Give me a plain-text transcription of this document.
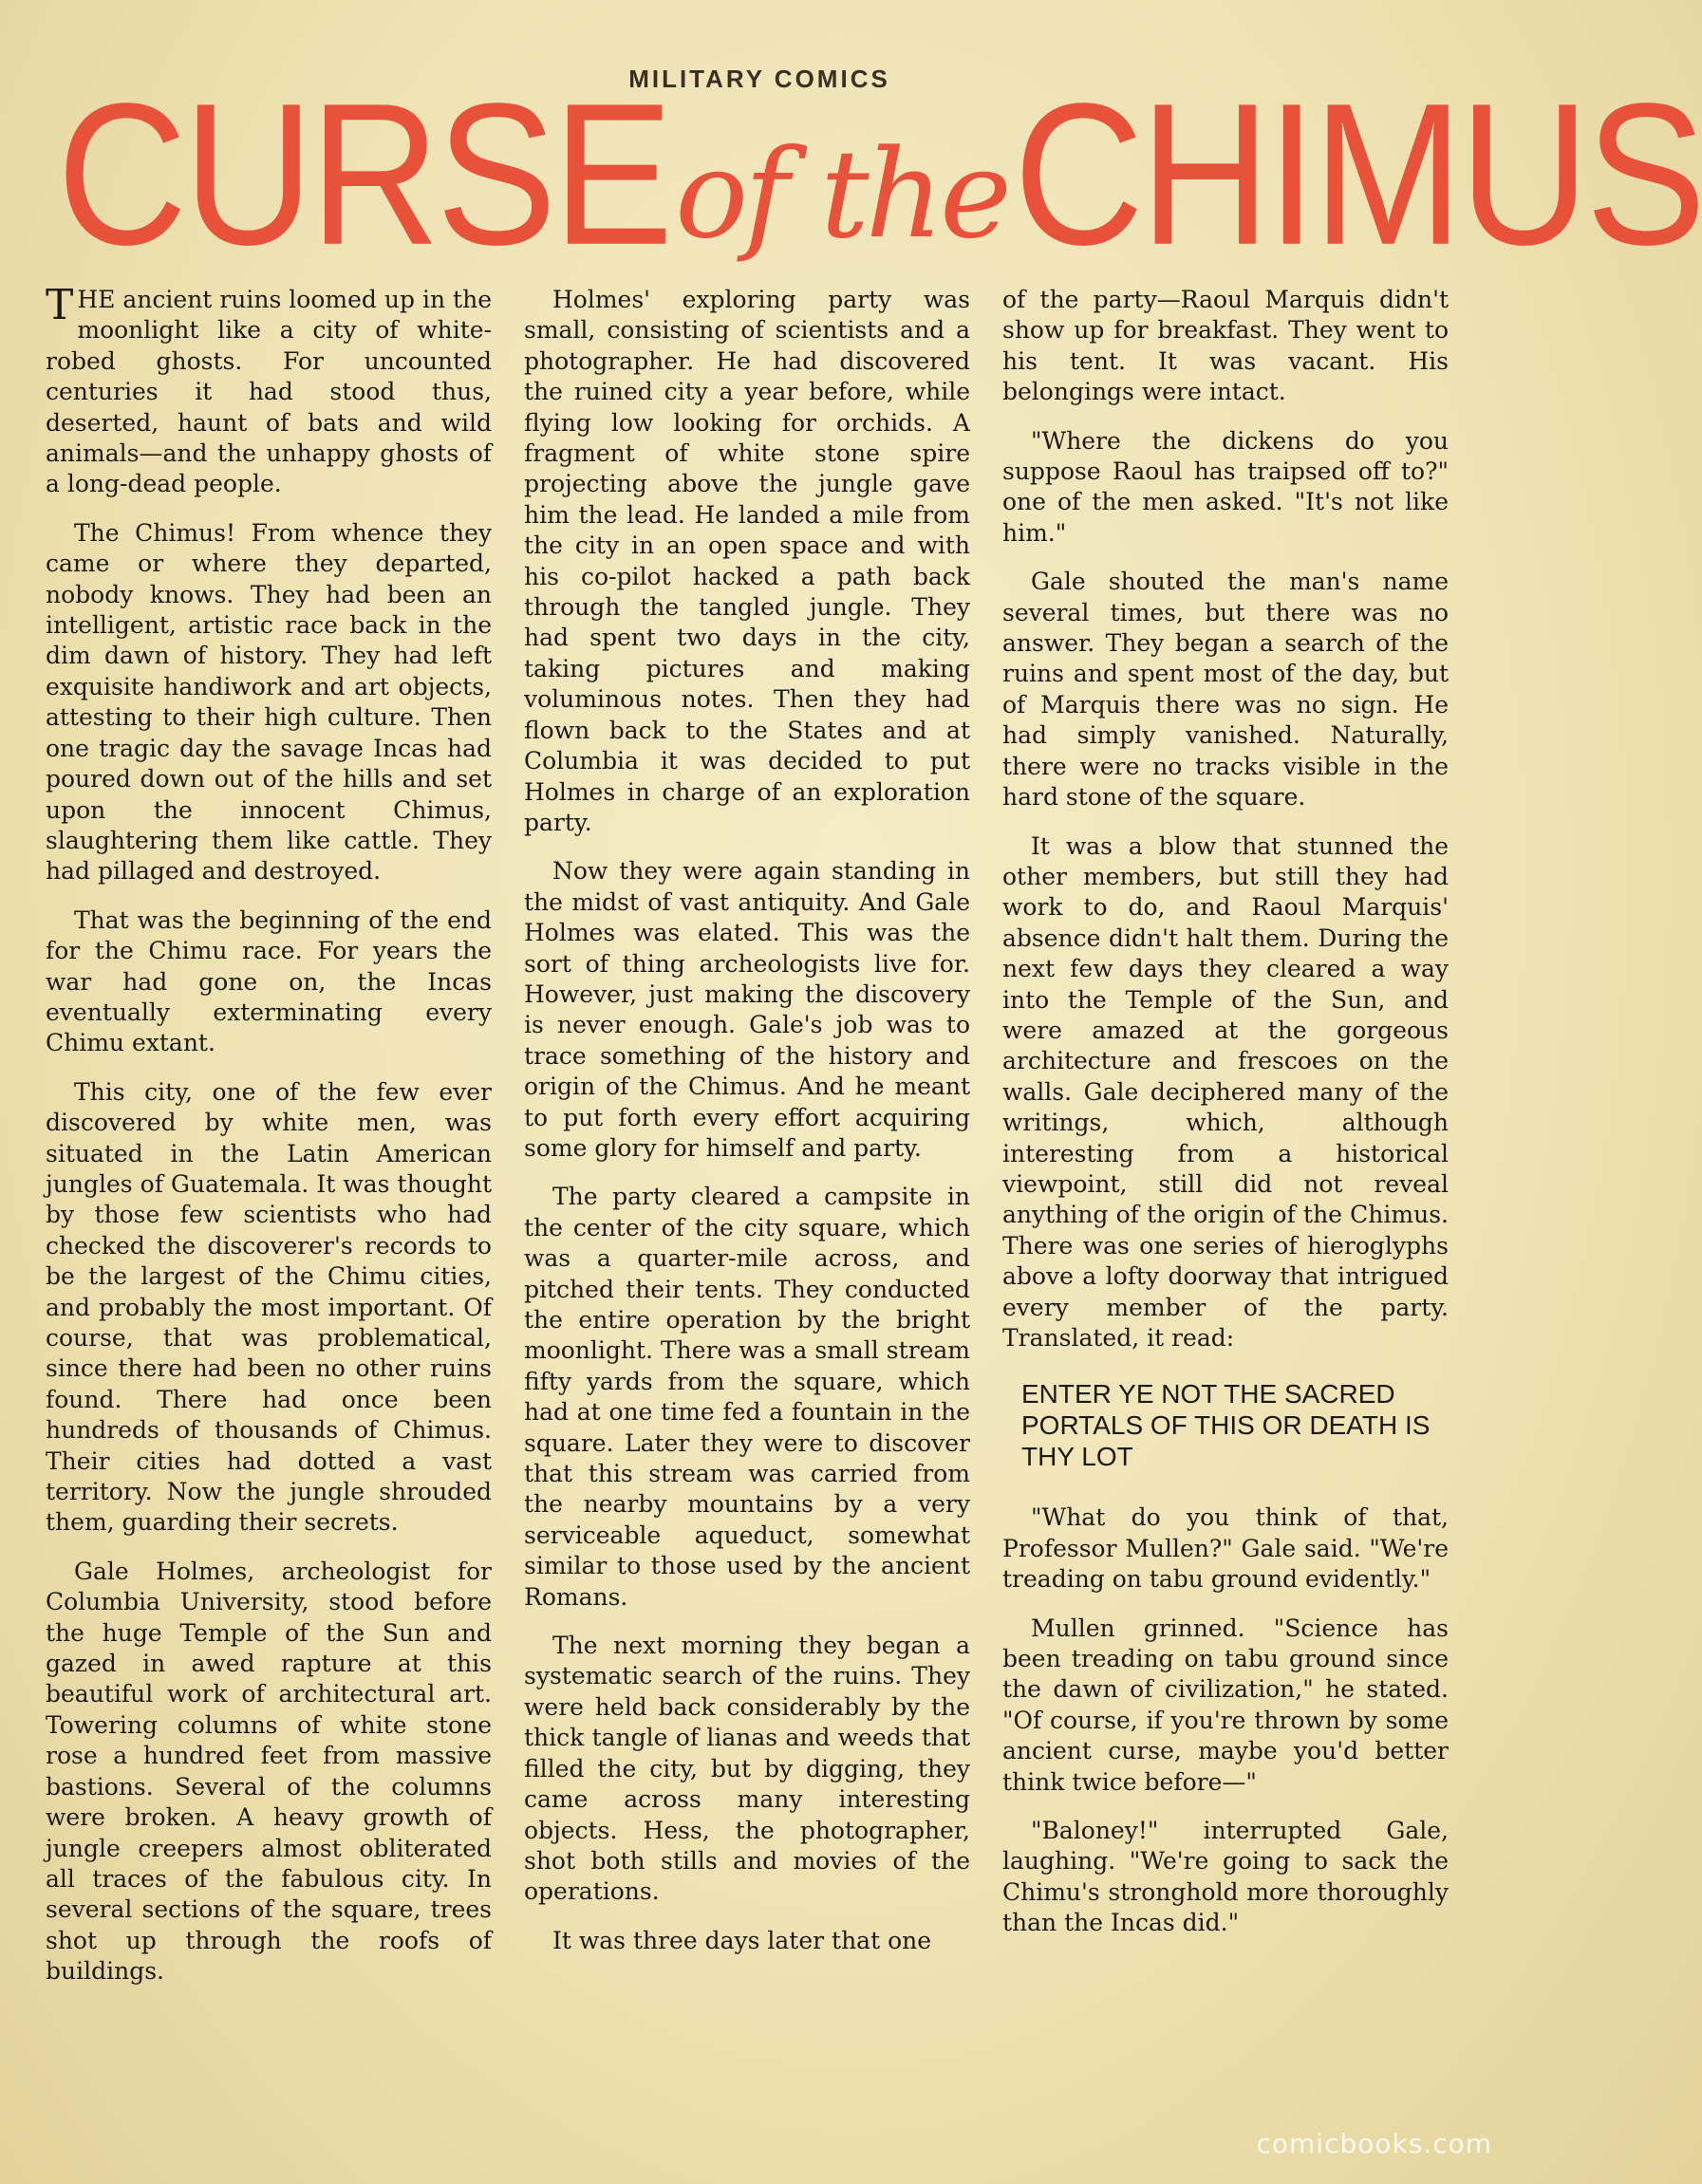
MILITARY COMICS
CURSEof theCHIMUS

THE ancient ruins loomed up in the moonlight like a city of white-robed ghosts. For uncounted centuries it had stood thus, deserted, haunt of bats and wild animals—and the unhappy ghosts of a long-dead people.

The Chimus! From whence they came or where they departed, nobody knows. They had been an intelligent, artistic race back in the dim dawn of history. They had left exquisite handiwork and art objects, attesting to their high culture. Then one tragic day the savage Incas had poured down out of the hills and set upon the innocent Chimus, slaughtering them like cattle. They had pillaged and destroyed.

That was the beginning of the end for the Chimu race. For years the war had gone on, the Incas eventually exterminating every Chimu extant.

This city, one of the few ever discovered by white men, was situated in the Latin American jungles of Guatemala. It was thought by those few scientists who had checked the discoverer's records to be the largest of the Chimu cities, and probably the most important. Of course, that was problematical, since there had been no other ruins found. There had once been hundreds of thousands of Chimus. Their cities had dotted a vast territory. Now the jungle shrouded them, guarding their secrets.

Gale Holmes, archeologist for Columbia University, stood before the huge Temple of the Sun and gazed in awed rapture at this beautiful work of architectural art. Towering columns of white stone rose a hundred feet from massive bastions. Several of the columns were broken. A heavy growth of jungle creepers almost obliterated all traces of the fabulous city. In several sections of the square, trees shot up through the roofs of buildings.

Holmes' exploring party was small, consisting of scientists and a photographer. He had discovered the ruined city a year before, while flying low looking for orchids. A fragment of white stone spire projecting above the jungle gave him the lead. He landed a mile from the city in an open space and with his co-pilot hacked a path back through the tangled jungle. They had spent two days in the city, taking pictures and making voluminous notes. Then they had flown back to the States and at Columbia it was decided to put Holmes in charge of an exploration party.

Now they were again standing in the midst of vast antiquity. And Gale Holmes was elated. This was the sort of thing archeologists live for. However, just making the discovery is never enough. Gale's job was to trace something of the history and origin of the Chimus. And he meant to put forth every effort acquiring some glory for himself and party.

The party cleared a campsite in the center of the city square, which was a quarter-mile across, and pitched their tents. They conducted the entire operation by the bright moonlight. There was a small stream fifty yards from the square, which had at one time fed a fountain in the square. Later they were to discover that this stream was carried from the nearby mountains by a very serviceable aqueduct, somewhat similar to those used by the ancient Romans.

The next morning they began a systematic search of the ruins. They were held back considerably by the thick tangle of lianas and weeds that filled the city, but by digging, they came across many interesting objects. Hess, the photographer, shot both stills and movies of the operations.

It was three days later that one

of the party—Raoul Marquis didn't show up for breakfast. They went to his tent. It was vacant. His belongings were intact.

"Where the dickens do you suppose Raoul has traipsed off to?" one of the men asked. "It's not like him."

Gale shouted the man's name several times, but there was no answer. They began a search of the ruins and spent most of the day, but of Marquis there was no sign. He had simply vanished. Naturally, there were no tracks visible in the hard stone of the square.

It was a blow that stunned the other members, but still they had work to do, and Raoul Marquis' absence didn't halt them. During the next few days they cleared a way into the Temple of the Sun, and were amazed at the gorgeous architecture and frescoes on the walls. Gale deciphered many of the writings, which, although interesting from a historical viewpoint, still did not reveal anything of the origin of the Chimus. There was one series of hieroglyphs above a lofty doorway that intrigued every member of the party. Translated, it read:

ENTER YE NOT THE SACRED PORTALS OF THIS OR DEATH IS THY LOT

"What do you think of that, Professor Mullen?" Gale said. "We're treading on tabu ground evidently."

Mullen grinned. "Science has been treading on tabu ground since the dawn of civilization," he stated. "Of course, if you're thrown by some ancient curse, maybe you'd better think twice before—"

"Baloney!" interrupted Gale, laughing. "We're going to sack the Chimu's stronghold more thoroughly than the Incas did."

comicbooks.com
